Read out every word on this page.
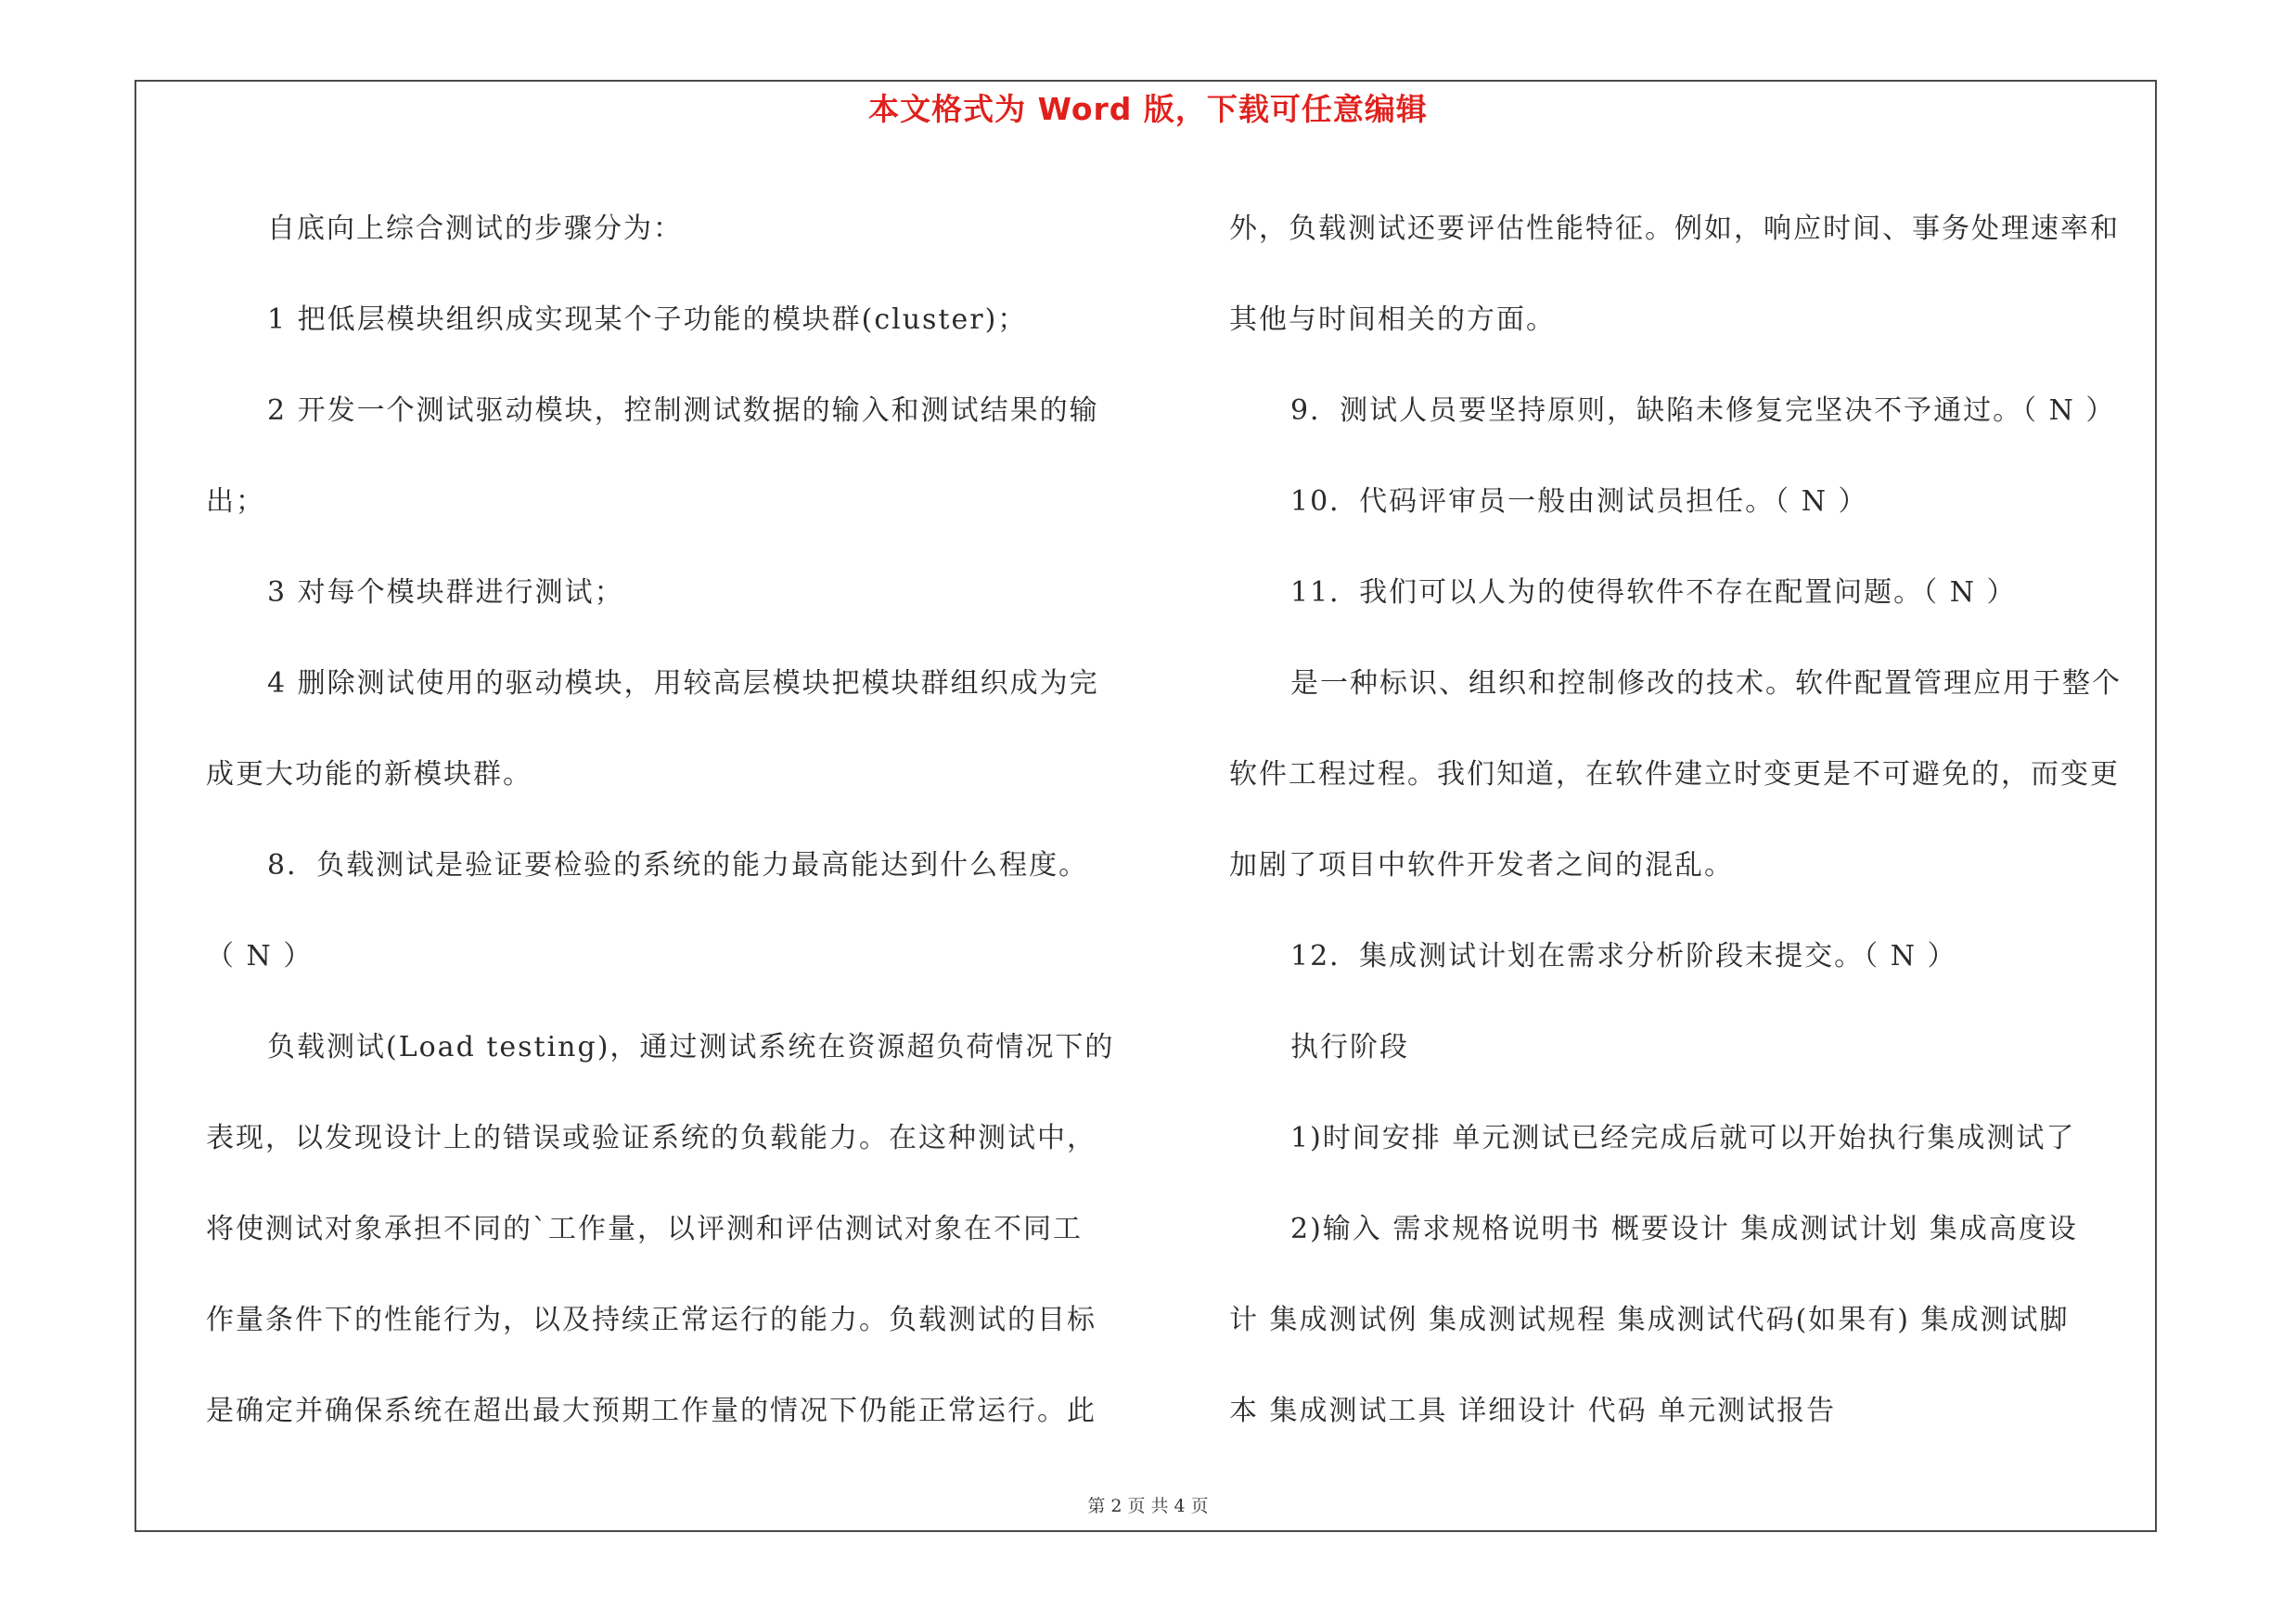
本文格式为 Word 版，下载可任意编辑
自底向上综合测试的步骤分为：
1 把低层模块组织成实现某个子功能的模块群(cluster)；
2 开发一个测试驱动模块，控制测试数据的输入和测试结果的输
出；
3 对每个模块群进行测试；
4 删除测试使用的驱动模块，用较高层模块把模块群组织成为完
成更大功能的新模块群。
8．负载测试是验证要检验的系统的能力最高能达到什么程度。
（ N ）
负载测试(Load testing)，通过测试系统在资源超负荷情况下的
表现，以发现设计上的错误或验证系统的负载能力。在这种测试中，
将使测试对象承担不同的`工作量，以评测和评估测试对象在不同工
作量条件下的性能行为，以及持续正常运行的能力。负载测试的目标
是确定并确保系统在超出最大预期工作量的情况下仍能正常运行。此
外，负载测试还要评估性能特征。例如，响应时间、事务处理速率和
其他与时间相关的方面。
9．测试人员要坚持原则，缺陷未修复完坚决不予通过。（ N ）
10．代码评审员一般由测试员担任。（ N ）
11．我们可以人为的使得软件不存在配置问题。（ N ）
是一种标识、组织和控制修改的技术。软件配置管理应用于整个
软件工程过程。我们知道，在软件建立时变更是不可避免的，而变更
加剧了项目中软件开发者之间的混乱。
12．集成测试计划在需求分析阶段末提交。（ N ）
执行阶段
1)时间安排 单元测试已经完成后就可以开始执行集成测试了
2)输入 需求规格说明书 概要设计 集成测试计划 集成高度设
计 集成测试例 集成测试规程 集成测试代码(如果有) 集成测试脚
本 集成测试工具 详细设计 代码 单元测试报告
第 2 页 共 4 页
